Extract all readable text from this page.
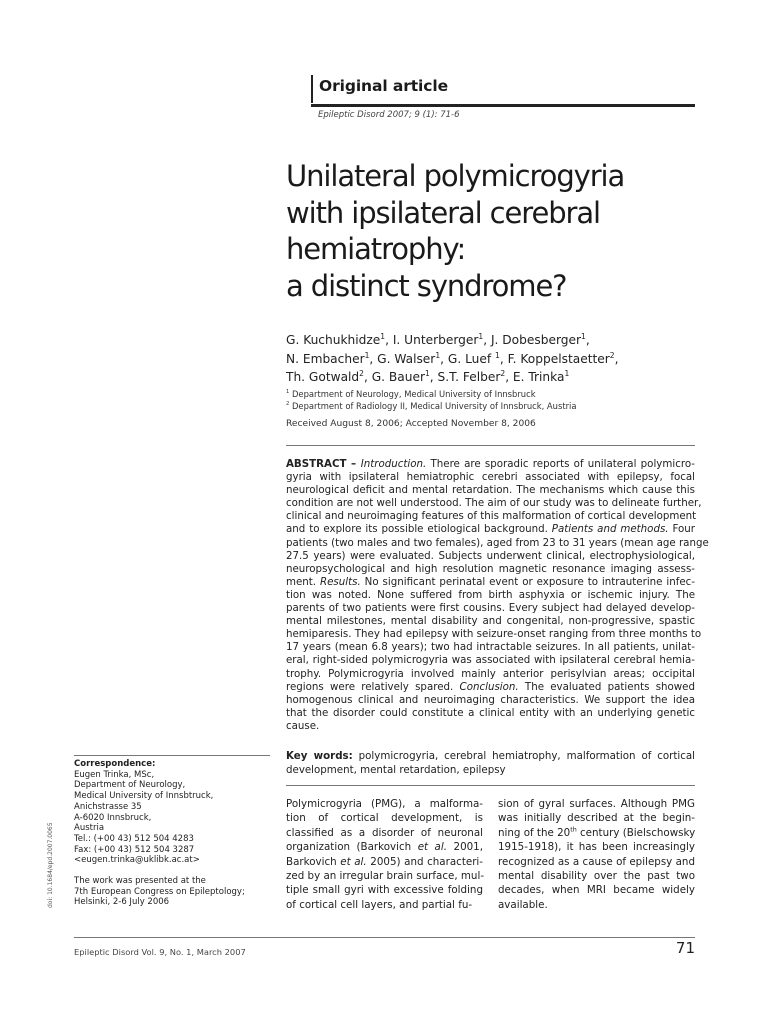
Original article
Epileptic Disord 2007; 9 (1): 71-6
Unilateral polymicrogyria
with ipsilateral cerebral
hemiatrophy:
a distinct syndrome?
G. Kuchukhidze$^1$, I. Unterberger$^1$, J. Dobesberger$^1$,
N. Embacher$^1$, G. Walser$^1$, G. Luef $^1$, F. Koppelstaetter$^2$,
Th. Gotwald$^2$, G. Bauer$^1$, S.T. Felber$^2$, E. Trinka$^1$
$^1$ Department of Neurology, Medical University of Innsbruck
$^2$ Department of Radiology II, Medical University of Innsbruck, Austria
Received August 8, 2006; Accepted November 8, 2006
ABSTRACT – Introduction. There are sporadic reports of unilateral polymicro-
gyria with ipsilateral hemiatrophic cerebri associated with epilepsy, focal
neurological deficit and mental retardation. The mechanisms which cause this
condition are not well understood. The aim of our study was to delineate further,
clinical and neuroimaging features of this malformation of cortical development
and to explore its possible etiological background. Patients and methods. Four
patients (two males and two females), aged from 23 to 31 years (mean age range
27.5 years) were evaluated. Subjects underwent clinical, electrophysiological,
neuropsychological and high resolution magnetic resonance imaging assess-
ment. Results. No significant perinatal event or exposure to intrauterine infec-
tion was noted. None suffered from birth asphyxia or ischemic injury. The
parents of two patients were first cousins. Every subject had delayed develop-
mental milestones, mental disability and congenital, non-progressive, spastic
hemiparesis. They had epilepsy with seizure-onset ranging from three months to
17 years (mean 6.8 years); two had intractable seizures. In all patients, unilat-
eral, right-sided polymicrogyria was associated with ipsilateral cerebral hemia-
trophy. Polymicrogyria involved mainly anterior perisylvian areas; occipital
regions were relatively spared. Conclusion. The evaluated patients showed
homogenous clinical and neuroimaging characteristics. We support the idea
that the disorder could constitute a clinical entity with an underlying genetic
cause.
Key words: polymicrogyria, cerebral hemiatrophy, malformation of cortical
development, mental retardation, epilepsy
Polymicrogyria (PMG), a malforma-
tion of cortical development, is
classified as a disorder of neuronal
organization (Barkovich et al. 2001,
Barkovich et al. 2005) and characteri-
zed by an irregular brain surface, mul-
tiple small gyri with excessive folding
of cortical cell layers, and partial fu-
sion of gyral surfaces. Although PMG
was initially described at the begin-
ning of the 20th century (Bielschowsky
1915-1918), it has been increasingly
recognized as a cause of epilepsy and
mental disability over the past two
decades, when MRI became widely
available.
Correspondence:
Eugen Trinka, MSc,
Department of Neurology,
Medical University of Innsbtruck,
Anichstrasse 35
A-6020 Innsbruck,
Austria
Tel.: (+00 43) 512 504 4283
Fax: (+00 43) 512 504 3287
<eugen.trinka@uklibk.ac.at>
The work was presented at the
7th European Congress on Epileptology;
Helsinki, 2-6 July 2006
doi: 10.1684/epd.2007.0065
Epileptic Disord Vol. 9, No. 1, March 2007	71
